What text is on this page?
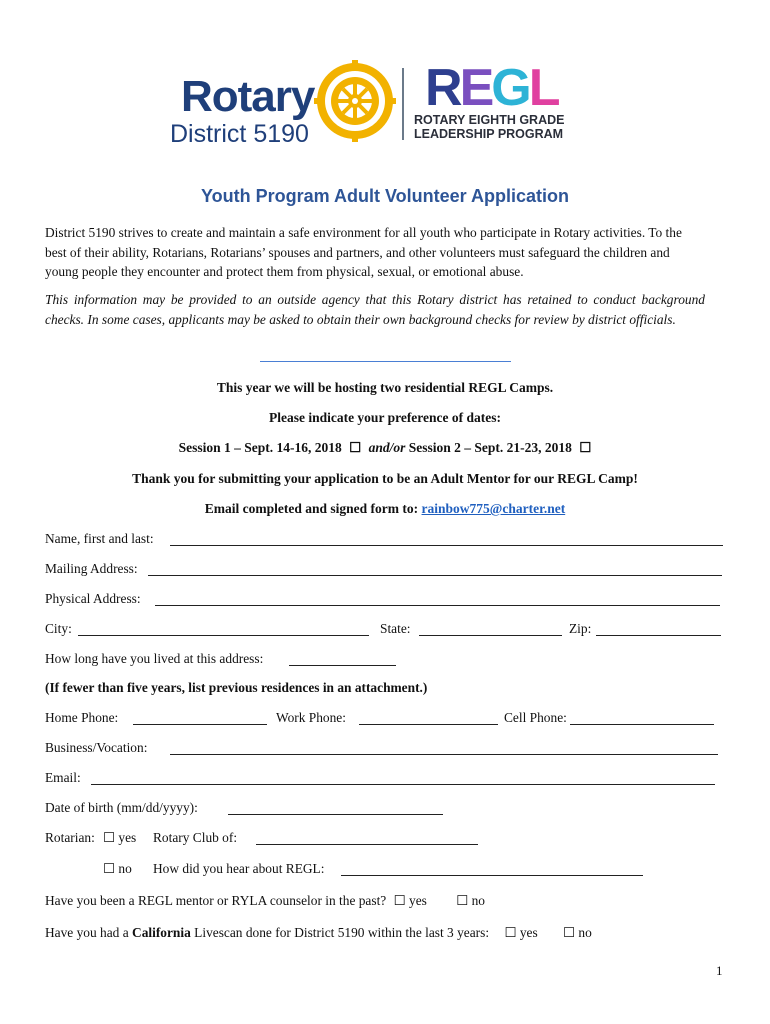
Rotary
District 5190
REGL
ROTARY EIGHTH GRADE
LEADERSHIP PROGRAM
Youth Program Adult Volunteer Application
District 5190 strives to create and maintain a safe environment for all youth who participate in Rotary activities. To the best of their ability, Rotarians, Rotarians’ spouses and partners, and other volunteers must safeguard the children and young people they encounter and protect them from physical, sexual, or emotional abuse.
This information may be provided to an outside agency that this Rotary district has retained to conduct background checks. In some cases, applicants may be asked to obtain their own background checks for review by district officials.
This year we will be hosting two residential REGL Camps.
Please indicate your preference of dates:
Session 1 – Sept. 14-16, 2018 ☐ and/or Session 2 – Sept. 21-23, 2018 ☐
Thank you for submitting your application to be an Adult Mentor for our REGL Camp!
Email completed and signed form to: rainbow775@charter.net
Name, first and last:
Mailing Address:
Physical Address:
City:	State:	Zip:
How long have you lived at this address:
(If fewer than five years, list previous residences in an attachment.)
Home Phone:	Work Phone:	Cell Phone:
Business/Vocation:
Email:
Date of birth (mm/dd/yyyy):
Rotarian: ☐ yes Rotary Club of:
☐ no How did you hear about REGL:
Have you been a REGL mentor or RYLA counselor in the past? ☐ yes ☐ no
Have you had a California Livescan done for District 5190 within the last 3 years: ☐ yes ☐ no
1
